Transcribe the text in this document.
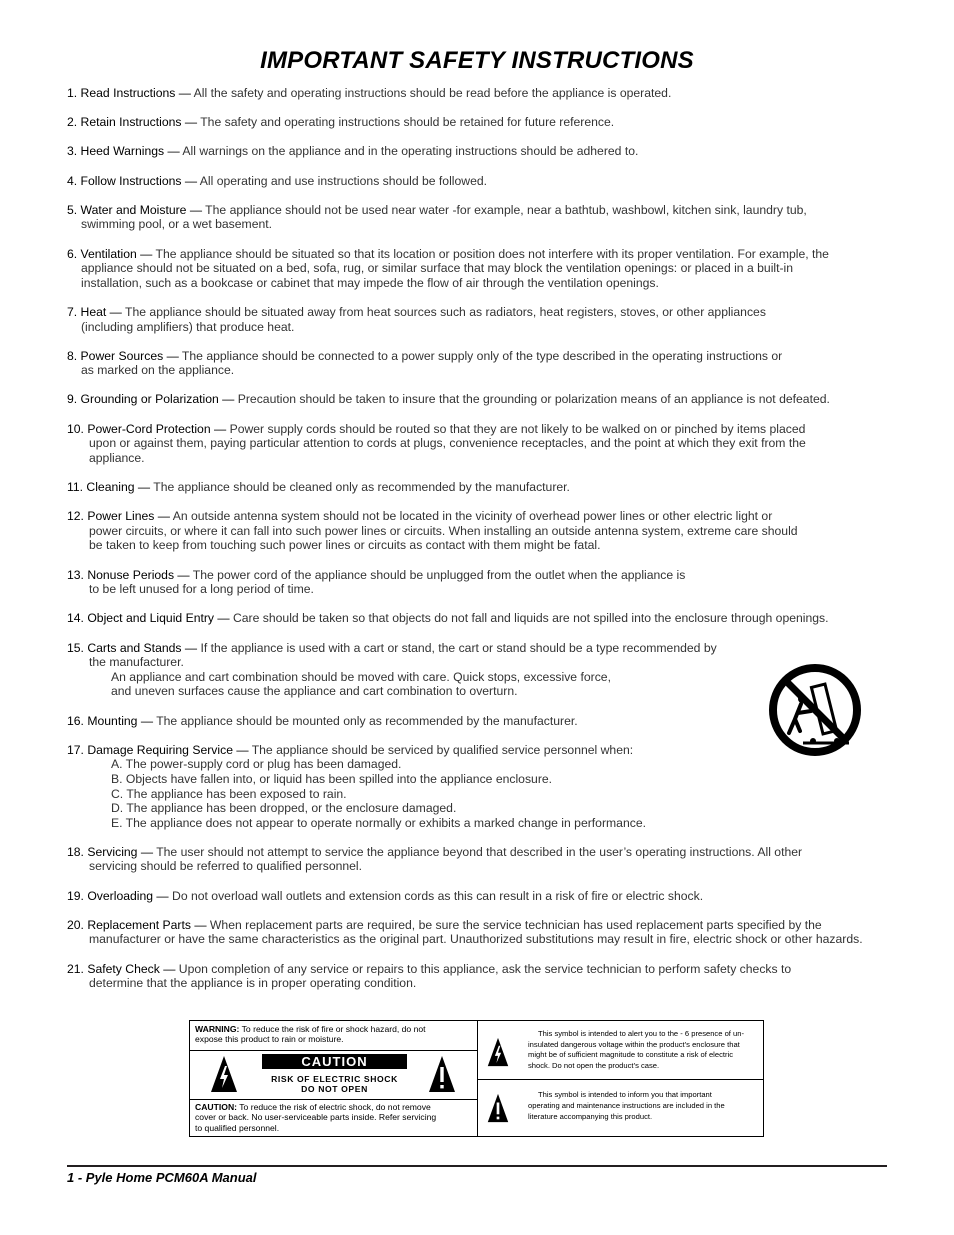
IMPORTANT SAFETY INSTRUCTIONS
1. Read Instructions — All the safety and operating instructions should be read before the appliance is operated.
2. Retain Instructions — The safety and operating instructions should be retained for future reference.
3. Heed Warnings — All warnings on the appliance and in the operating instructions should be adhered to.
4. Follow Instructions — All operating and use instructions should be followed.
5. Water and Moisture — The appliance should not be used near water -for example, near a bathtub, washbowl, kitchen sink, laundry tub,
swimming pool, or a wet basement.
6. Ventilation — The appliance should be situated so that its location or position does not interfere with its proper ventilation. For example, the
appliance should not be situated on a bed, sofa, rug, or similar surface that may block the ventilation openings: or placed in a built-in
installation, such as a bookcase or cabinet that may impede the flow of air through the ventilation openings.
7. Heat — The appliance should be situated away from heat sources such as radiators, heat registers, stoves, or other appliances
(including amplifiers) that produce heat.
8. Power Sources — The appliance should be connected to a power supply only of the type described in the operating instructions or
as marked on the appliance.
9. Grounding or Polarization — Precaution should be taken to insure that the grounding or polarization means of an appliance is not defeated.
10. Power-Cord Protection — Power supply cords should be routed so that they are not likely to be walked on or pinched by items placed
upon or against them, paying particular attention to cords at plugs, convenience receptacles, and the point at which they exit from the
appliance.
11. Cleaning — The appliance should be cleaned only as recommended by the manufacturer.
12. Power Lines — An outside antenna system should not be located in the vicinity of overhead power lines or other electric light or
power circuits, or where it can fall into such power lines or circuits. When installing an outside antenna system, extreme care should
be taken to keep from touching such power lines or circuits as contact with them might be fatal.
13. Nonuse Periods — The power cord of the appliance should be unplugged from the outlet when the appliance is
to be left unused for a long period of time.
14. Object and Liquid Entry — Care should be taken so that objects do not fall and liquids are not spilled into the enclosure through openings.
15. Carts and Stands — If the appliance is used with a cart or stand, the cart or stand should be a type recommended by
the manufacturer.
An appliance and cart combination should be moved with care. Quick stops, excessive force,
and uneven surfaces cause the appliance and cart combination to overturn.
16. Mounting — The appliance should be mounted only as recommended by the manufacturer.
17. Damage Requiring Service — The appliance should be serviced by qualified service personnel when:
A. The power-supply cord or plug has been damaged.
B. Objects have fallen into, or liquid has been spilled into the appliance enclosure.
C. The appliance has been exposed to rain.
D. The appliance has been dropped, or the enclosure damaged.
E. The appliance does not appear to operate normally or exhibits a marked change in performance.
18. Servicing — The user should not attempt to service the appliance beyond that described in the user’s operating instructions. All other
servicing should be referred to qualified personnel.
19. Overloading — Do not overload wall outlets and extension cords as this can result in a risk of fire or electric shock.
20. Replacement Parts — When replacement parts are required, be sure the service technician has used replacement parts specified by the
manufacturer or have the same characteristics as the original part. Unauthorized substitutions may result in fire, electric shock or other hazards.
21. Safety Check — Upon completion of any service or repairs to this appliance, ask the service technician to perform safety checks to
determine that the appliance is in proper operating condition.
WARNING: To reduce the risk of fire or shock hazard, do not
expose this product to rain or moisture.
CAUTION
RISK OF ELECTRIC SHOCK
DO NOT OPEN
CAUTION: To reduce the risk of electric shock, do not remove
cover or back. No user-serviceable parts inside. Refer servicing
to qualified personnel.
This symbol is intended to alert you to the - 6 presence of un-
insulated dangerous voltage within the product’s enclosure that
might be of sufficient magnitude to constitute a risk of electric
shock. Do not open the product’s case.
This symbol is intended to inform you that important
operating and maintenance instructions are included in the
literature accompanying this product.
1 - Pyle Home PCM60A Manual
